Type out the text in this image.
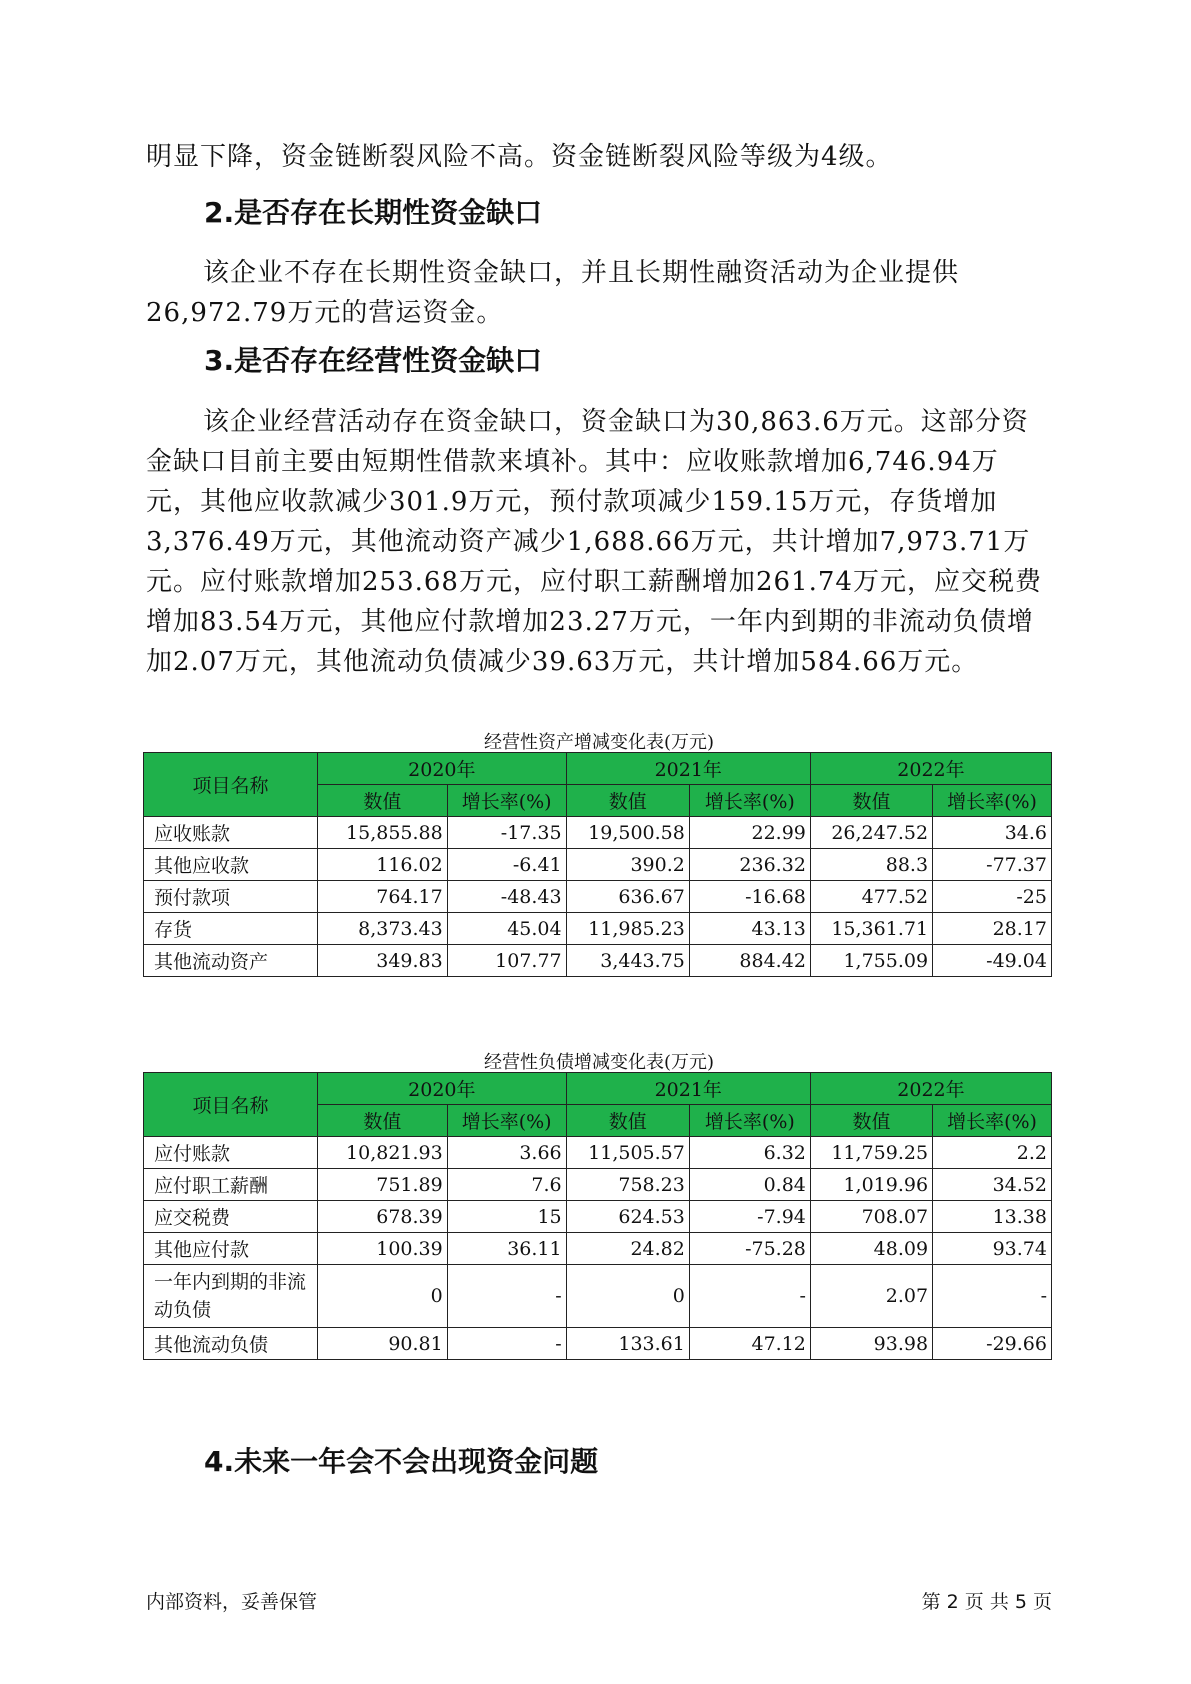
明显下降，资金链断裂风险不高。资金链断裂风险等级为4级。

2.是否存在长期性资金缺口

该企业不存在长期性资金缺口，并且长期性融资活动为企业提供26,972.79万元的营运资金。

3.是否存在经营性资金缺口

该企业经营活动存在资金缺口，资金缺口为30,863.6万元。这部分资金缺口目前主要由短期性借款来填补。其中：应收账款增加6,746.94万元，其他应收款减少301.9万元，预付款项减少159.15万元，存货增加3,376.49万元，其他流动资产减少1,688.66万元，共计增加7,973.71万元。应付账款增加253.68万元，应付职工薪酬增加261.74万元，应交税费增加83.54万元，其他应付款增加23.27万元，一年内到期的非流动负债增加2.07万元，其他流动负债减少39.63万元，共计增加584.66万元。

经营性资产增减变化表(万元)
项目名称	2020年		2021年		2022年	
	数值	增长率(%)	数值	增长率(%)	数值	增长率(%)
应收账款	15,855.88	-17.35	19,500.58	22.99	26,247.52	34.6
其他应收款	116.02	-6.41	390.2	236.32	88.3	-77.37
预付款项	764.17	-48.43	636.67	-16.68	477.52	-25
存货	8,373.43	45.04	11,985.23	43.13	15,361.71	28.17
其他流动资产	349.83	107.77	3,443.75	884.42	1,755.09	-49.04
经营性负债增减变化表(万元)
项目名称	2020年		2021年		2022年	
	数值	增长率(%)	数值	增长率(%)	数值	增长率(%)
应付账款	10,821.93	3.66	11,505.57	6.32	11,759.25	2.2
应付职工薪酬	751.89	7.6	758.23	0.84	1,019.96	34.52
应交税费	678.39	15	624.53	-7.94	708.07	13.38
其他应付款	100.39	36.11	24.82	-75.28	48.09	93.74
一年内到期的非流动负债	0	-	0	-	2.07	-
其他流动负债	90.81	-	133.61	47.12	93.98	-29.66
4.未来一年会不会出现资金问题
内部资料，妥善保管	第 2 页 共 5 页
